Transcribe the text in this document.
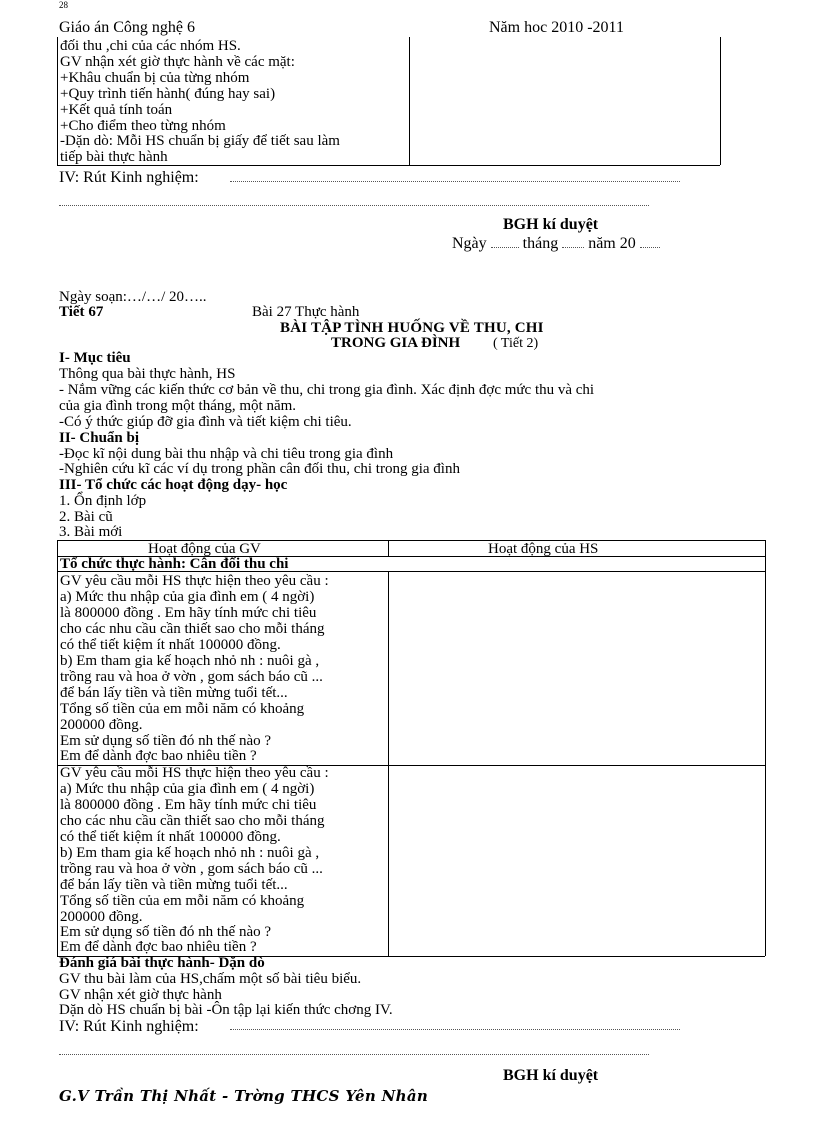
28
Giáo án Công nghệ 6	Năm hoc 2010 -2011
đối thu ,chi của các nhóm HS.
GV nhận xét giờ thực hành về các mặt:
+Khâu chuẩn bị của từng nhóm
+Quy trình tiến hành( đúng hay sai)
+Kết quả tính toán
+Cho điểm theo từng nhóm
-Dặn dò: Mỗi HS chuẩn bị giấy để tiết sau làm
tiếp bài thực hành
IV: Rút Kinh nghiệm:
BGH kí duyệt
Ngày tháng năm 20
Ngày soạn:…/…/ 20…..
Tiết 67	Bài 27 Thực hành
BÀI TẬP TÌNH HUỐNG VỀ THU, CHI
TRONG GIA ĐÌNH ( Tiết 2)
I- Mục tiêu
Thông qua bài thực hành, HS
- Nắm vững các kiến thức cơ bản về thu, chi trong gia đình. Xác định đợc mức thu và chi
của gia đình trong một tháng, một năm.
-Có ý thức giúp đỡ gia đình và tiết kiệm chi tiêu.
II- Chuẩn bị
-Đọc kĩ nội dung bài thu nhập và chi tiêu trong gia đình
-Nghiên cứu kĩ các ví dụ trong phần cân đối thu, chi trong gia đình
III- Tổ chức các hoạt động dạy- học
1. Ổn định lớp
2. Bài cũ
3. Bài mới
Hoạt động của GV	Hoạt động của HS
Tổ chức thực hành: Cân đối thu chi
GV yêu cầu mỗi HS thực hiện theo yêu cầu :
a) Mức thu nhập của gia đình em ( 4 ngời)
là 800000 đồng . Em hãy tính mức chi tiêu
cho các nhu cầu cần thiết sao cho mỗi tháng
có thể tiết kiệm ít nhất 100000 đồng.
b) Em tham gia kế hoạch nhỏ nh : nuôi gà ,
trồng rau và hoa ở vờn , gom sách báo cũ ...
để bán lấy tiền và tiền mừng tuổi tết...
Tổng số tiền của em mỗi năm có khoảng
200000 đồng.
Em sử dụng số tiền đó nh thế nào ?
Em để dành đợc bao nhiêu tiền ?
GV yêu cầu mỗi HS thực hiện theo yêu cầu :
a) Mức thu nhập của gia đình em ( 4 ngời)
là 800000 đồng . Em hãy tính mức chi tiêu
cho các nhu cầu cần thiết sao cho mỗi tháng
có thể tiết kiệm ít nhất 100000 đồng.
b) Em tham gia kế hoạch nhỏ nh : nuôi gà ,
trồng rau và hoa ở vờn , gom sách báo cũ ...
để bán lấy tiền và tiền mừng tuổi tết...
Tổng số tiền của em mỗi năm có khoảng
200000 đồng.
Em sử dụng số tiền đó nh thế nào ?
Em để dành đợc bao nhiêu tiền ?
Đánh giá bài thực hành- Dặn dò
GV thu bài làm của HS,chấm một số bài tiêu biểu.
GV nhận xét giờ thực hành
Dặn dò HS chuẩn bị bài -Ôn tập lại kiến thức chơng IV.
IV: Rút Kinh nghiệm:
BGH kí duyệt
G.V Trần Thị Nhất - Trờng THCS Yên Nhân
